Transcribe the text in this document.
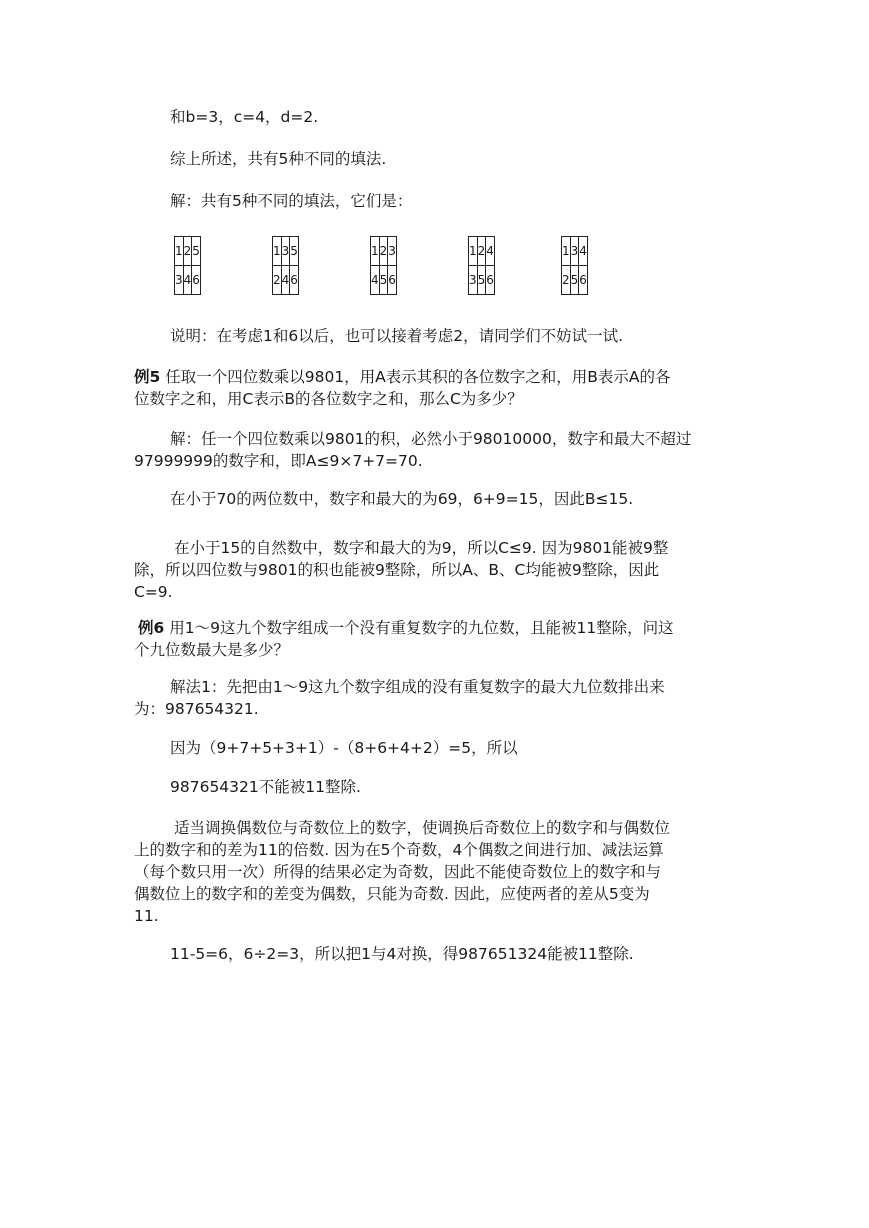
和b=3，c=4，d=2.

综上所述，共有5种不同的填法.

解：共有5种不同的填法，它们是：

1	2	5
3	4	6
1	3	5
2	4	6
1	2	3
4	5	6
1	2	4
3	5	6
1	3	4
2	5	6

说明：在考虑1和6以后，也可以接着考虑2，请同学们不妨试一试.

例5 任取一个四位数乘以9801，用A表示其积的各位数字之和，用B表示A的各

位数字之和，用C表示B的各位数字之和，那么C为多少？

解：任一个四位数乘以9801的积，必然小于98010000，数字和最大不超过

97999999的数字和，即A≤9×7+7=70.

在小于70的两位数中，数字和最大的为69，6+9=15，因此B≤15.

在小于15的自然数中，数字和最大的为9，所以C≤9. 因为9801能被9整

除，所以四位数与9801的积也能被9整除，所以A、B、C均能被9整除，因此

C=9.

例6 用1～9这九个数字组成一个没有重复数字的九位数，且能被11整除，问这

个九位数最大是多少？

解法1：先把由1～9这九个数字组成的没有重复数字的最大九位数排出来

为：987654321.

因为（9+7+5+3+1）-（8+6+4+2）=5，所以

987654321不能被11整除.

适当调换偶数位与奇数位上的数字，使调换后奇数位上的数字和与偶数位

上的数字和的差为11的倍数. 因为在5个奇数，4个偶数之间进行加、减法运算

（每个数只用一次）所得的结果必定为奇数，因此不能使奇数位上的数字和与

偶数位上的数字和的差变为偶数，只能为奇数. 因此，应使两者的差从5变为

11.

11-5=6，6÷2=3，所以把1与4对换，得987651324能被11整除.
